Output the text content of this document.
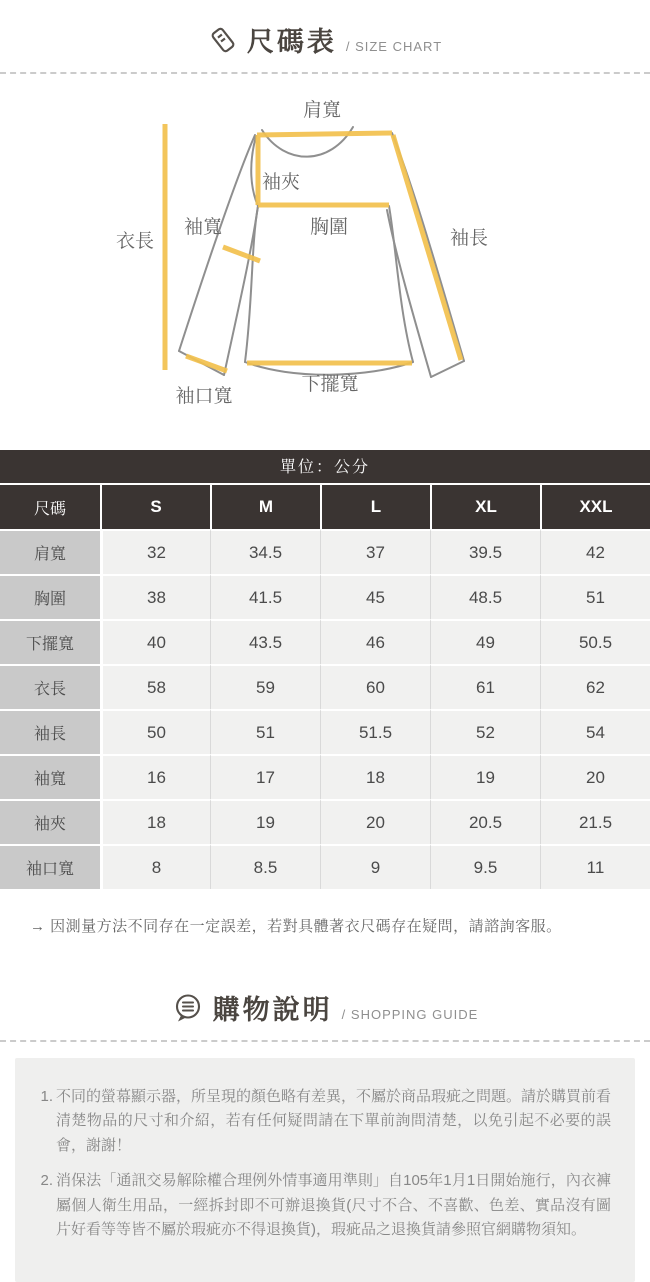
尺碼表 / SIZE CHART
肩寬
袖夾
袖寬	胸圍
袖長
衣長
袖口寬
下擺寬
單位：公分
尺碼	S	M	L	XL	XXL
肩寬	32	34.5	37	39.5	42
胸圍	38	41.5	45	48.5	51
下擺寬	40	43.5	46	49	50.5
衣長	58	59	60	61	62
袖長	50	51	51.5	52	54
袖寬	16	17	18	19	20
袖夾	18	19	20	20.5	21.5
袖口寬	8	8.5	9	9.5	11

→ 因測量方法不同存在一定誤差，若對具體著衣尺碼存在疑問，請諮詢客服。

購物說明 / SHOPPING GUIDE
1. 不同的螢幕顯示器，所呈現的顏色略有差異，不屬於商品瑕疵之問題。請於購買前看清楚物品的尺寸和介紹，若有任何疑問請在下單前詢問清楚，以免引起不必要的誤會，謝謝！
2. 消保法「通訊交易解除權合理例外情事適用準則」自105年1月1日開始施行，內衣褲屬個人衛生用品，一經拆封即不可辦退換貨(尺寸不合、不喜歡、色差、實品沒有圖片好看等等皆不屬於瑕疵亦不得退換貨)，瑕疵品之退換貨請參照官網購物須知。
